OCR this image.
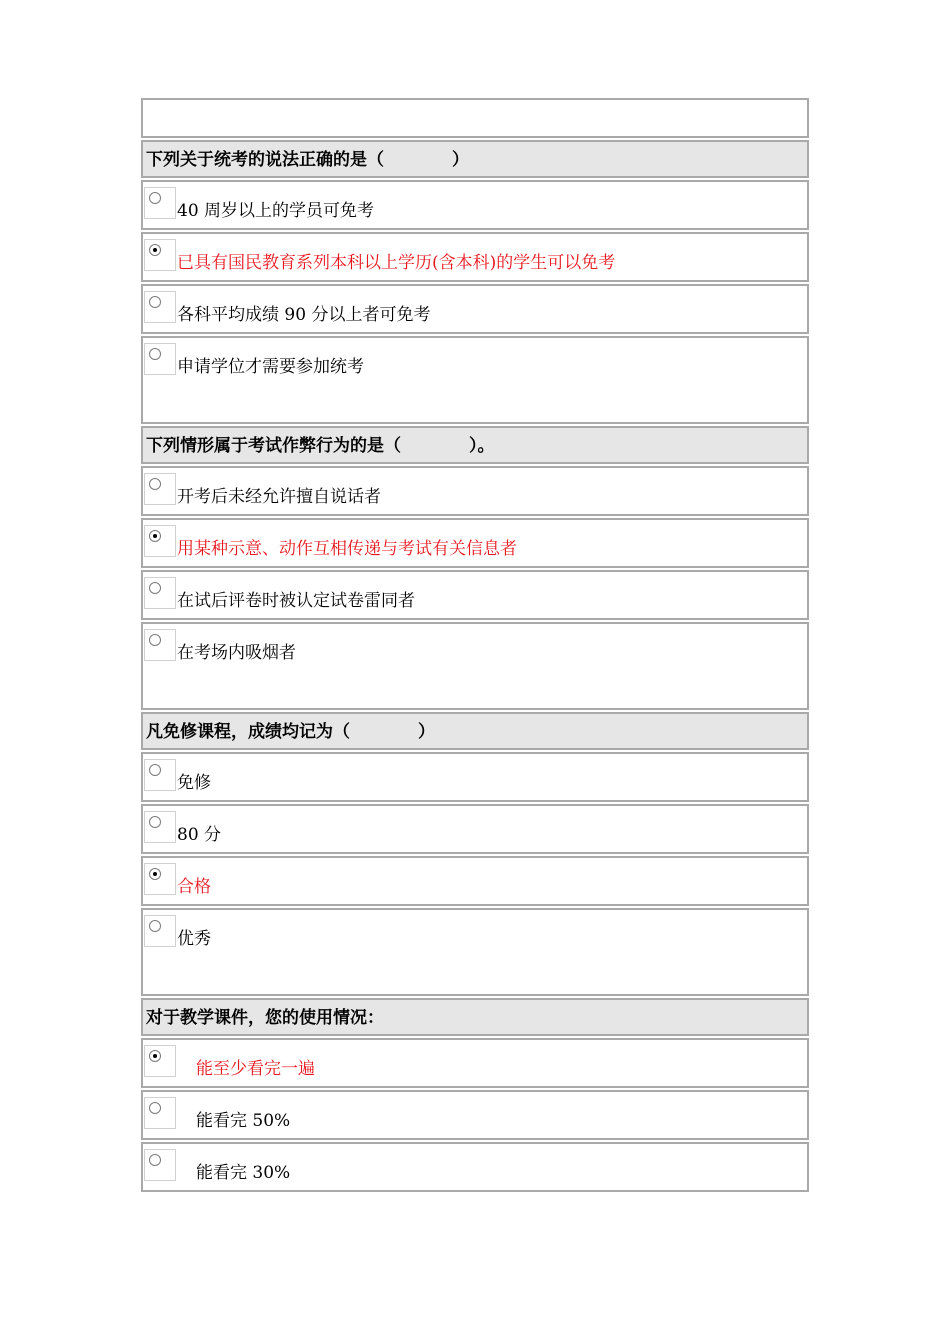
下列关于统考的说法正确的是（　　　　）
40 周岁以上的学员可免考
已具有国民教育系列本科以上学历(含本科)的学生可以免考
各科平均成绩 90 分以上者可免考
申请学位才需要参加统考
下列情形属于考试作弊行为的是（　　　　）。
开考后未经允许擅自说话者
用某种示意、动作互相传递与考试有关信息者
在试后评卷时被认定试卷雷同者
在考场内吸烟者
凡免修课程，成绩均记为（　　　　）
免修
80 分
合格
优秀
对于教学课件，您的使用情况：
能至少看完一遍
能看完 50%
能看完 30%
